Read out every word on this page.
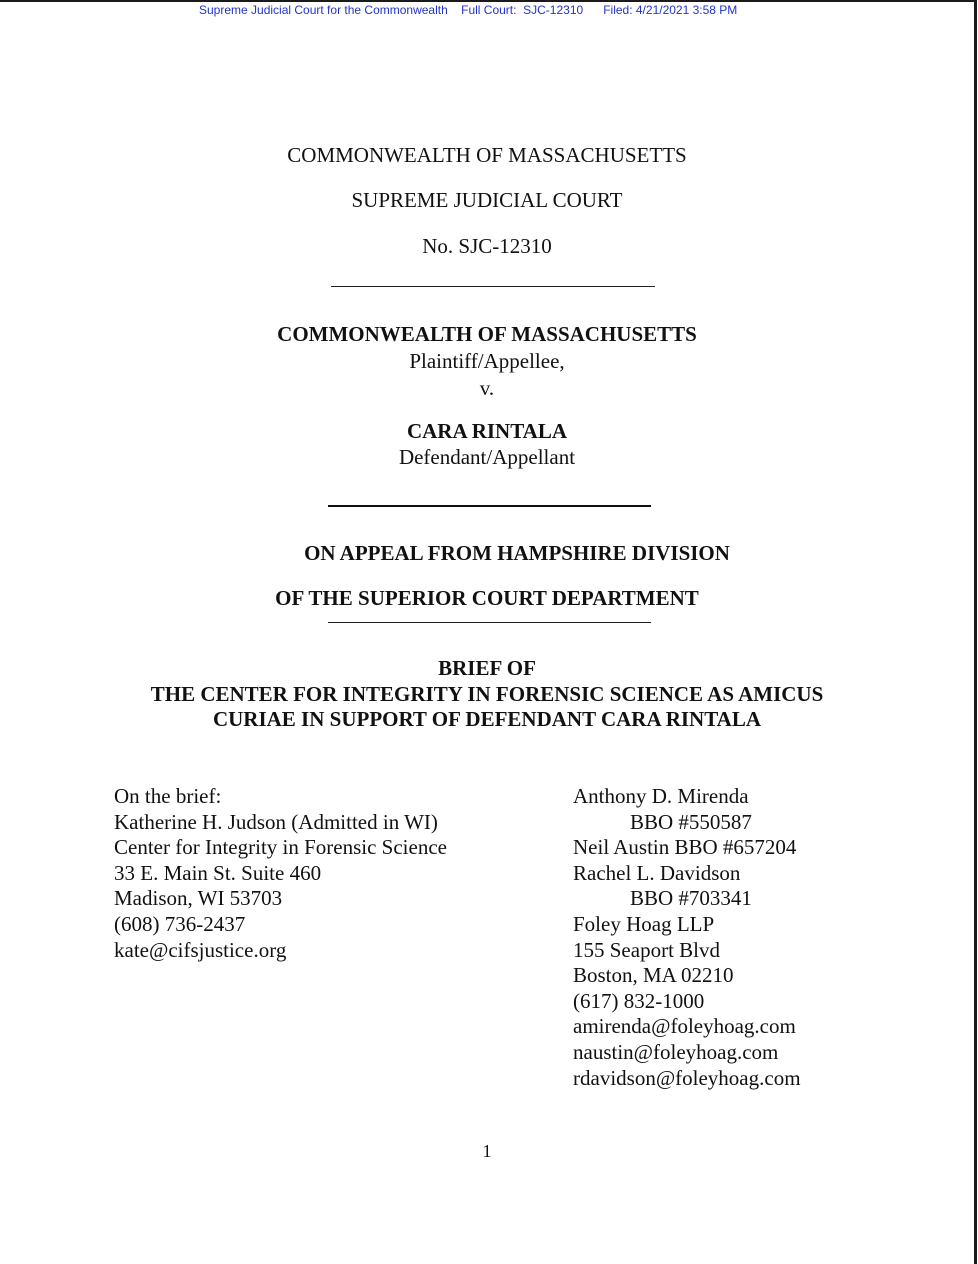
Supreme Judicial Court for the Commonwealth Full Court:  SJC-12310 Filed: 4/21/2021 3:58 PM
COMMONWEALTH OF MASSACHUSETTS
SUPREME JUDICIAL COURT
No. SJC-12310
COMMONWEALTH OF MASSACHUSETTS
Plaintiff/Appellee,
v.
CARA RINTALA
Defendant/Appellant
ON APPEAL FROM HAMPSHIRE DIVISION
OF THE SUPERIOR COURT DEPARTMENT
BRIEF OF
THE CENTER FOR INTEGRITY IN FORENSIC SCIENCE AS AMICUS
CURIAE IN SUPPORT OF DEFENDANT CARA RINTALA
On the brief:
Katherine H. Judson (Admitted in WI)
Center for Integrity in Forensic Science
33 E. Main St. Suite 460
Madison, WI 53703
(608) 736-2437
kate@cifsjustice.org
Anthony D. Mirenda
BBO #550587
Neil Austin BBO #657204
Rachel L. Davidson
BBO #703341
Foley Hoag LLP
155 Seaport Blvd
Boston, MA 02210
(617) 832-1000
amirenda@foleyhoag.com
naustin@foleyhoag.com
rdavidson@foleyhoag.com
1
